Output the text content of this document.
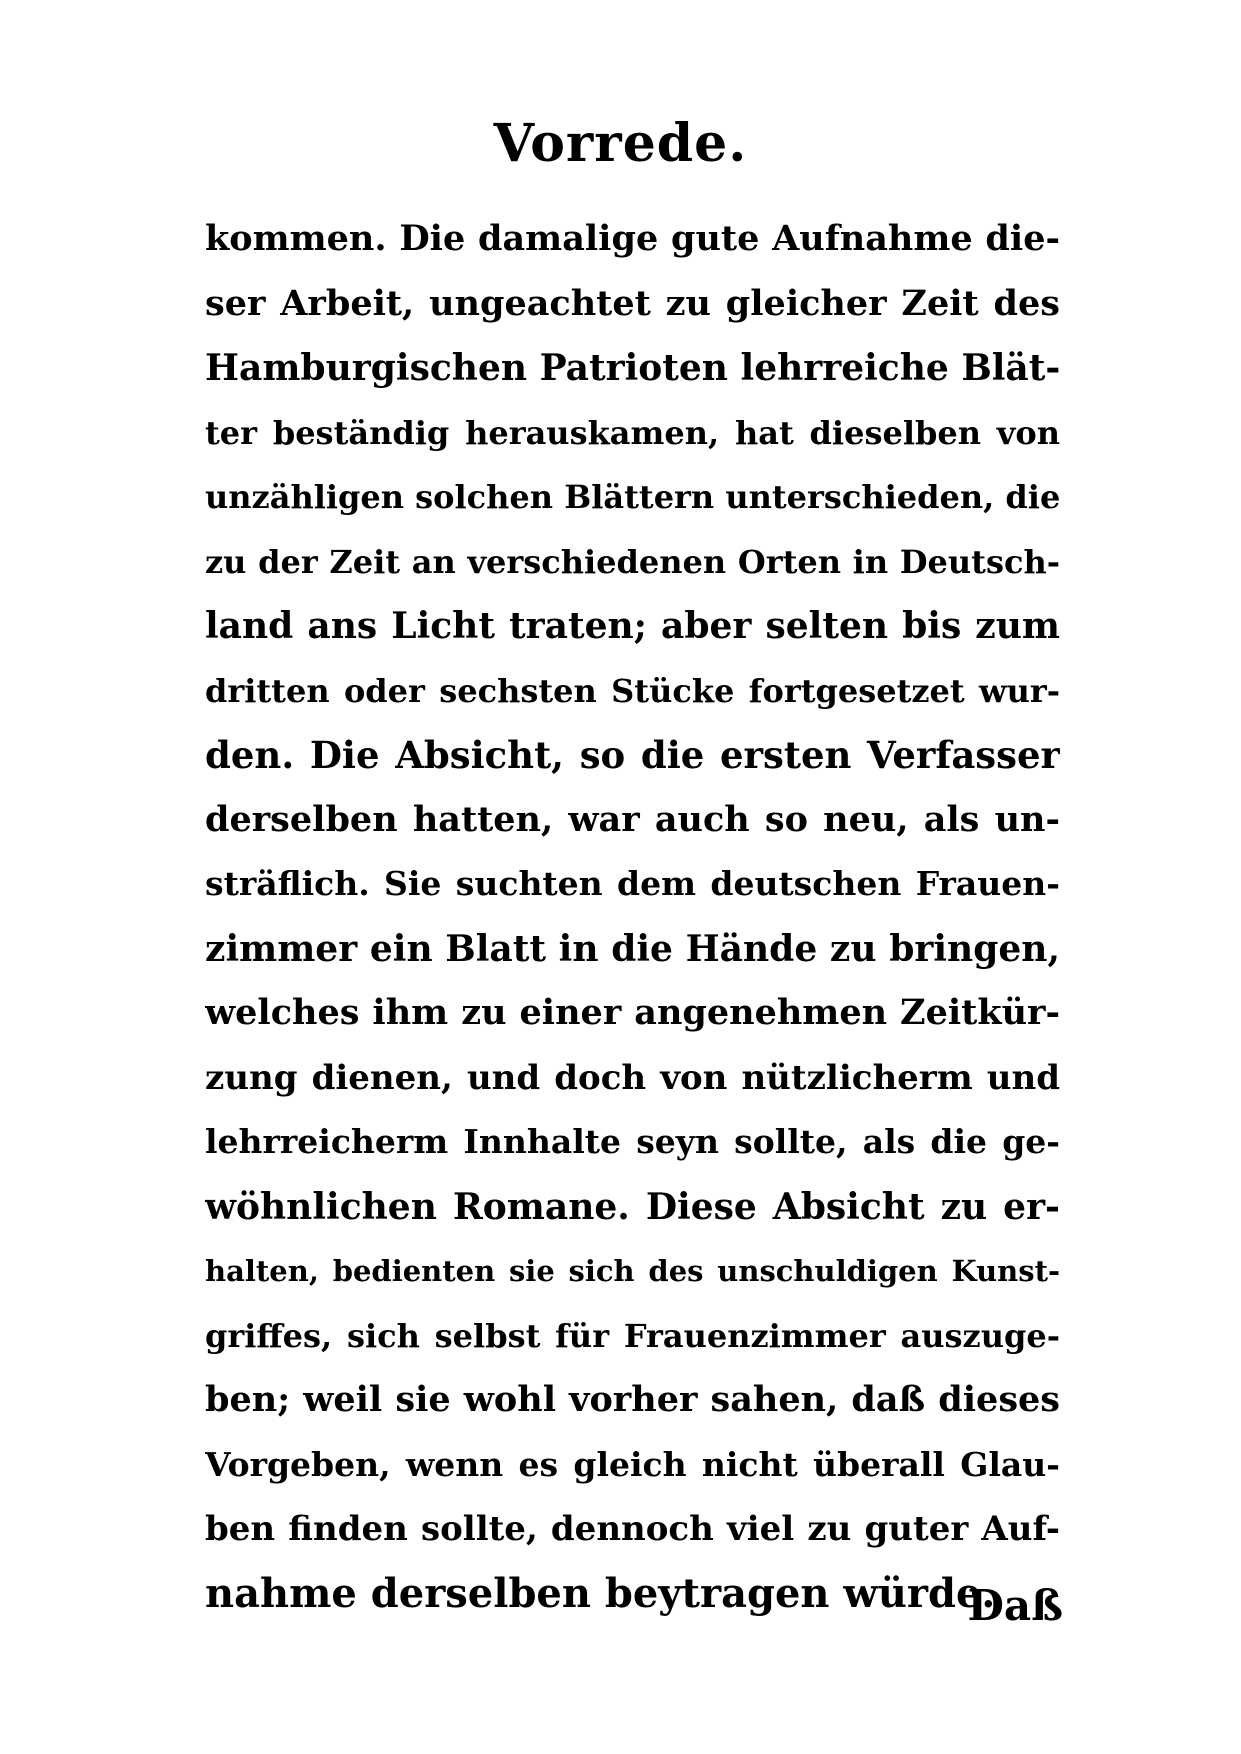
Vorrede.
kommen. Die damalige gute Aufnahme die-
ser Arbeit, ungeachtet zu gleicher Zeit des
Hamburgischen Patrioten lehrreiche Blät-
ter beständig herauskamen, hat dieselben von
unzähligen solchen Blättern unterschieden, die
zu der Zeit an verschiedenen Orten in Deutsch-
land ans Licht traten; aber selten bis zum
dritten oder sechsten Stücke fortgesetzet wur-
den. Die Absicht, so die ersten Verfasser
derselben hatten, war auch so neu, als un-
sträflich. Sie suchten dem deutschen Frauen-
zimmer ein Blatt in die Hände zu bringen,
welches ihm zu einer angenehmen Zeitkür-
zung dienen, und doch von nützlicherm und
lehrreicherm Innhalte seyn sollte, als die ge-
wöhnlichen Romane. Diese Absicht zu er-
halten, bedienten sie sich des unschuldigen Kunst-
griffes, sich selbst für Frauenzimmer auszuge-
ben; weil sie wohl vorher sahen, daß dieses
Vorgeben, wenn es gleich nicht überall Glau-
ben finden sollte, dennoch viel zu guter Auf-
nahme derselben beytragen würde.
Daß
